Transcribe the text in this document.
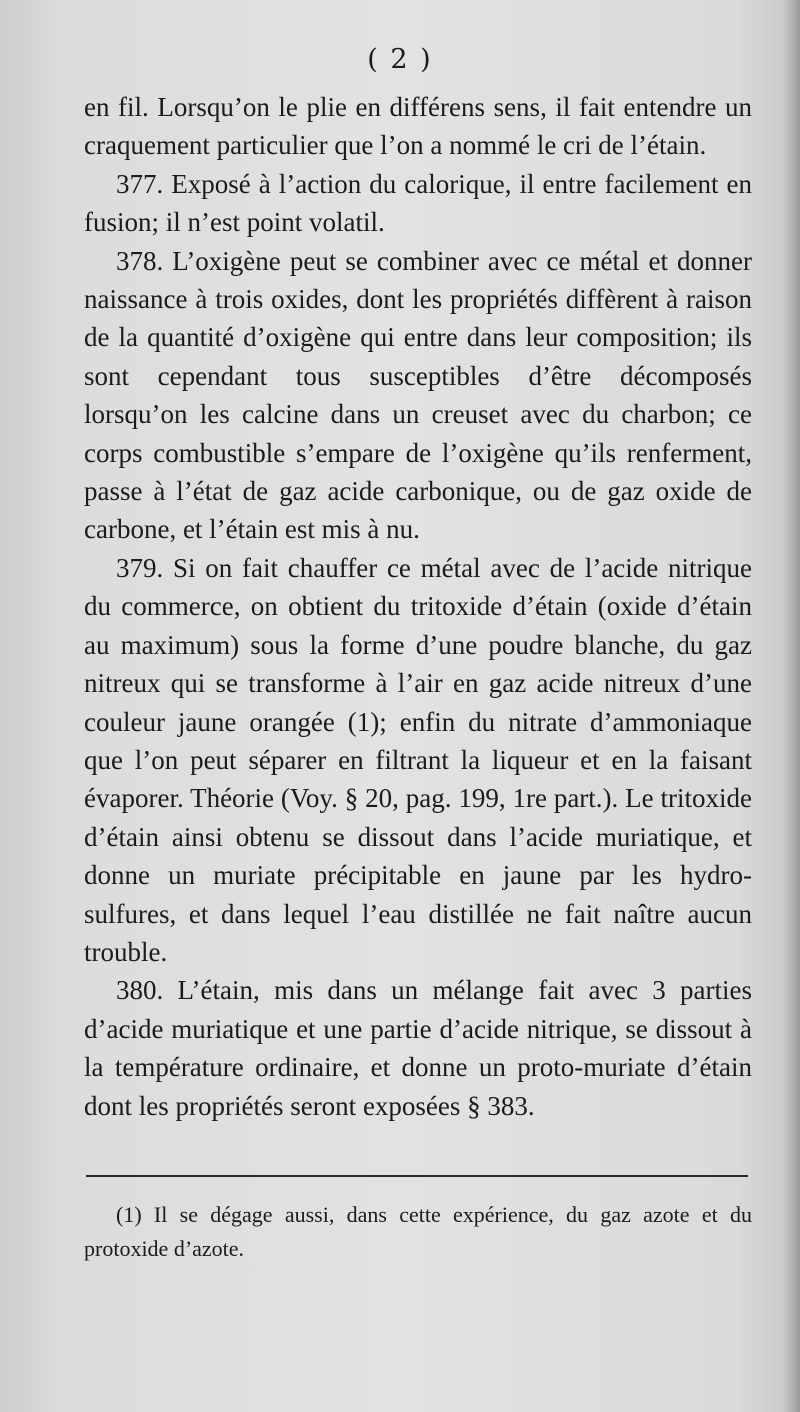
( 2 )

en fil. Lorsqu’on le plie en différens sens, il fait entendre un craquement particulier que l’on a nommé le cri de l’étain.

377. Exposé à l’action du calorique, il entre facilement en fusion; il n’est point volatil.

378. L’oxigène peut se combiner avec ce métal et donner naissance à trois oxides, dont les propriétés diffèrent à raison de la quantité d’oxigène qui entre dans leur composition; ils sont cependant tous susceptibles d’être décomposés lorsqu’on les calcine dans un creuset avec du charbon; ce corps combustible s’empare de l’oxigène qu’ils renferment, passe à l’état de gaz acide carbonique, ou de gaz oxide de carbone, et l’étain est mis à nu.

379. Si on fait chauffer ce métal avec de l’acide nitrique du commerce, on obtient du tritoxide d’étain (oxide d’étain au maximum) sous la forme d’une poudre blanche, du gaz nitreux qui se transforme à l’air en gaz acide nitreux d’une couleur jaune orangée (1); enfin du nitrate d’ammoniaque que l’on peut séparer en filtrant la liqueur et en la faisant évaporer. Théorie (Voy. § 20, pag. 199, 1re part.). Le tritoxide d’étain ainsi obtenu se dissout dans l’acide muriatique, et donne un muriate précipitable en jaune par les hydro-sulfures, et dans lequel l’eau distillée ne fait naître aucun trouble.

380. L’étain, mis dans un mélange fait avec 3 parties d’acide muriatique et une partie d’acide nitrique, se dissout à la température ordinaire, et donne un proto-muriate d’étain dont les propriétés seront exposées § 383.

(1) Il se dégage aussi, dans cette expérience, du gaz azote et du protoxide d’azote.
